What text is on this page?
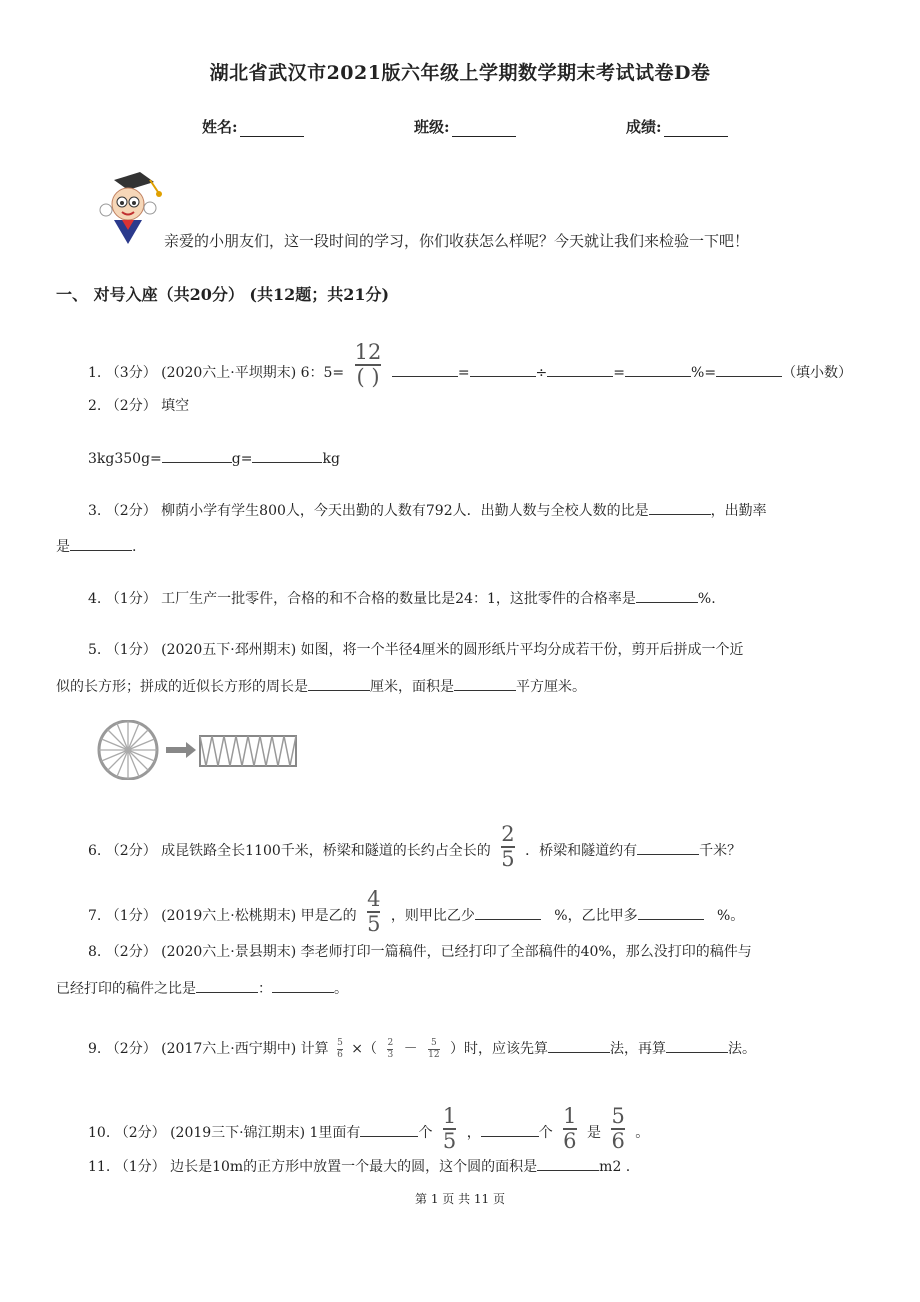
湖北省武汉市2021版六年级上学期数学期末考试试卷D卷
姓名:	班级:	成绩:
亲爱的小朋友们，这一段时间的学习，你们收获怎么样呢？今天就让我们来检验一下吧！
一、 对号入座（共20分） (共12题；共21分)
1. （3分） (2020六上·平坝期末) 6：$5= \frac{12}{( )}$	=	÷	=	%=	（填小数）
2. （2分） 填空
3kg350g=	g=	kg
3. （2分） 柳荫小学有学生800人，今天出勤的人数有792人．出勤人数与全校人数的比是	，出勤率
是	.
4. （1分） 工厂生产一批零件，合格的和不合格的数量比是24：1，这批零件的合格率是	%.
5. （1分） (2020五下·邳州期末) 如图，将一个半径4厘米的圆形纸片平均分成若干份，剪开后拼成一个近
似的长方形；拼成的近似长方形的周长是	厘米，面积是	平方厘米。
6. （2分） 成昆铁路全长1100千米，桥梁和隧道的长约占全长的 $\frac{2}{5}$ ．桥梁和隧道约有	千米？
7. （1分） (2019六上·松桃期末) 甲是乙的 $\frac{4}{5}$ ，则甲比乙少	%，乙比甲多	%。
8. （2分） (2020六上·景县期末) 李老师打印一篇稿件，已经打印了全部稿件的40%，那么没打印的稿件与
已经打印的稿件之比是	：	。
9. （2分） (2017六上·西宁期中) 计算 $\frac{5}{6}$ ×（ $\frac{2}{3} - \frac{5}{12}$ ）时，应该先算	法，再算	法。
10. （2分） (2019三下·锦江期末) 1里面有	个 $\frac{1}{5}$ ，	个 $\frac{1}{6}$ 是 $\frac{5}{6}$ 。
11. （1分） 边长是10m的正方形中放置一个最大的圆，这个圆的面积是	m2 .
第 1 页 共 11 页
